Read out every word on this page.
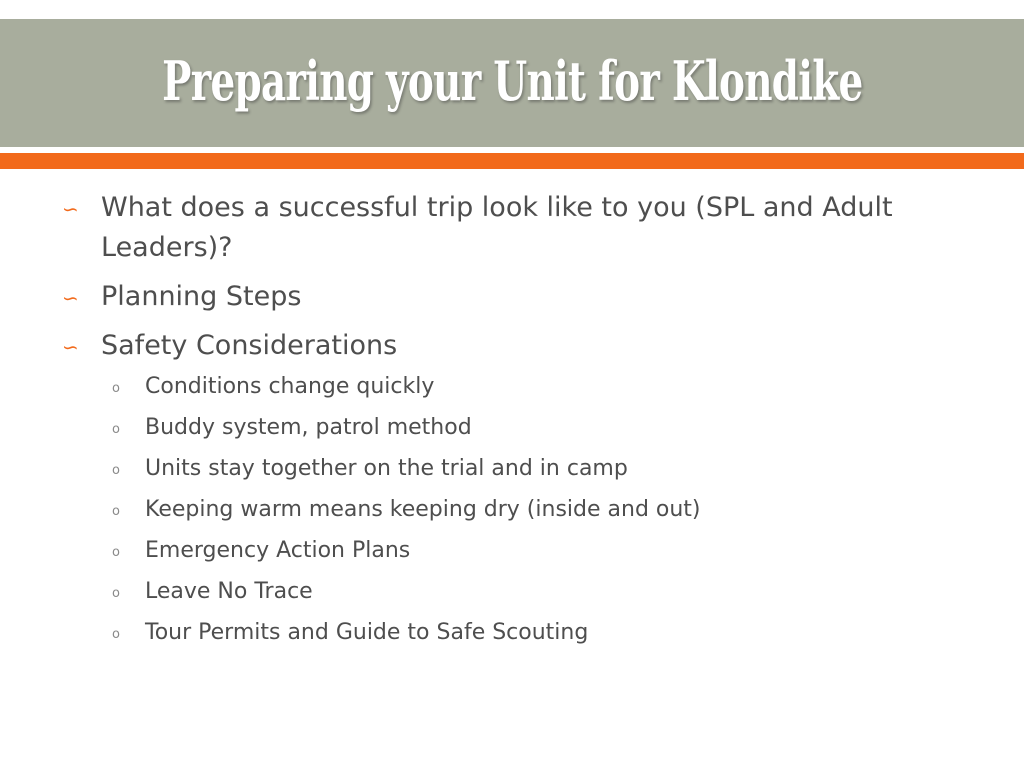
Preparing your Unit for Klondike
∽ What does a successful trip look like to you (SPL and Adult Leaders)?
∽ Planning Steps
∽ Safety Considerations
o	Conditions change quickly
o	Buddy system, patrol method
o	Units stay together on the trial and in camp
o	Keeping warm means keeping dry (inside and out)
o	Emergency Action Plans
o	Leave No Trace
o	Tour Permits and Guide to Safe Scouting
